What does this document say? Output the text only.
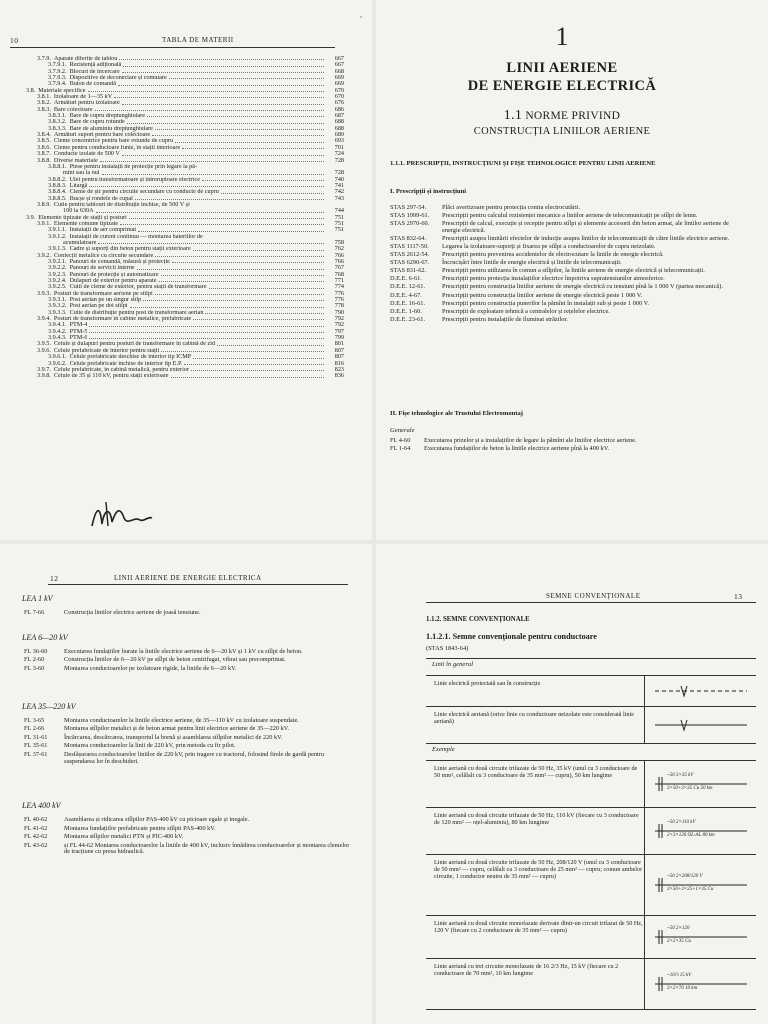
10	TABLA DE MATERII
3.7.9. Aparate diferite de tablou	667
3.7.9.1. Rezistență adițională	667
3.7.9.2. Blocuri de încercare	668
3.7.9.3. Dispozitive de deconectare și comutare	669
3.7.9.4. Buton de comandă	669
3.8. Materiale specifice	670
3.8.1. Izolatoare de 1—35 kV	670
3.8.2. Armături pentru izolatoare	676
3.8.3. Bare colectoare	686
3.8.3.1. Bare de cupru dreptunghiulare	687
3.8.3.2. Bare de cupru rotunde	688
3.8.3.3. Bare de aluminiu dreptunghiulare	688
3.8.4. Armături suport pentru bare colectoare	689
3.8.5. Cleme concentrice pentru bare rotunde de cupru	693
3.8.6. Cleme pentru conductoare funie, în stații interioare	701
3.8.7. Conducte izolate de 500 V	724
3.8.8. Diverse materiale	728
3.8.8.1. Piese pentru instalații de protecție prin legare la pă-
mînt sau la nul	728
3.8.8.2. Ulei pentru transformatoare și întreruptoare electrice	740
3.8.8.3. Litargă	741
3.8.8.4. Cleme de șir pentru circuite secundare cu conducte de cupru	742
3.8.8.5. Bucșe și rondele de cupal	743
3.8.9. Cutie pentru tablouri de distribuție închise, de 500 V și
100 la 630A	744
3.9. Elemente tipizate de stații și posturi	751
3.9.1. Elemente comune tipizate	751
3.9.1.1. Instalații de aer comprimat	751
3.9.1.2. Instalații de curent continuu — montarea bateriilor de
acumulatoare	758
3.9.1.3. Cadre și suporți din beton pentru stații exterioare	762
3.9.2. Confecții metalice cu circuite secundare	766
3.9.2.1. Panouri de comandă, măsură și protecție	766
3.9.2.2. Panouri de servicii interne	767
3.9.2.3. Panouri de protecție și automatizare	768
3.9.2.4. Dulapuri de exterior pentru aparate	771
3.9.2.5. Cutii de cleme de exterior, pentru stații de transformare	774
3.9.3. Posturi de transformare aeriene pe stîlpi	776
3.9.3.1. Post aerian pe un singur stîlp	776
3.9.3.2. Post aerian pe doi stîlpi	778
3.9.3.3. Cutie de distribuție pentru post de transformare aerian	790
3.9.4. Posturi de transformare în cabine metalice, prefabricate	792
3.9.4.1. PTM-4	792
3.9.4.2. PTM-5	797
3.9.4.3. PTM-6	799
3.9.5. Celule și dulapuri pentru posturi de transformare în cabină de zid	801
3.9.6. Celule prefabricate de interior pentru stații	807
3.9.6.1. Celule prefabricate deschise de interior tip ICMP	807
3.9.6.2. Celule prefabricate închise de interior tip E.P.	816
3.9.7. Celule prefabricate, în cabină metalică, pentru exterior	823
3.9.8. Celule de 35 și 110 kV, pentru stații exterioare	836
·
1
LINII AERIENE
DE ENERGIE ELECTRICĂ
1.1 NORME PRIVIND
CONSTRUCȚIA LINIILOR AERIENE
1.1.1. PRESCRIPȚII, INSTRUCȚIUNI ȘI FIȘE TEHNOLOGICE PENTRU LINII AERIENE
I. Prescripții și instrucțiuni
STAS 297-54.	Plăci avertizoare pentru protecția contra electrocutării.
STAS 1999-61.	Prescripții pentru calculul rezistenței mecanice a liniilor aeriene de telecomunicații pe stîlpi de lemn.
STAS 2970-60.	Prescripții de calcul, execuție și recepție pentru stîlpi și elemente accesorii din beton armat, ale liniilor aeriene de energie electrică.
STAS 832-64.	Prescripții asupra limitării efectelor de inducție asupra liniilor de telecomunicații de către liniile electrice aeriene.
STAS 1117-50.	Legarea la izolatoare-suporți și fixarea pe stîlpi a conductoarelor de cupru neizolate.
STAS 2612-54.	Prescripții pentru prevenirea accidentelor de electrocutare la liniile de energie electrică.
STAS 6290-67.	Încrucișări între liniile de energie electrică și liniile de telecomunicații.
STAS 831-62.	Prescripții pentru utilizarea în comun a stîlpilor, la liniile aeriene de energie electrică și telecomunicații.
D.E.E. 6-61.	Prescripții pentru protecția instalațiilor electrice împotriva supratensiunilor atmosferice.
D.E.E. 12-61.	Prescripții pentru construcția liniilor aeriene de energie electrică cu tensiuni pînă la 1 000 V (partea mecanică).
D.E.E. 4-67.	Prescripții pentru construcția liniilor aeriene de energie electrică peste 1 000 V.
D.E.E. 16-61.	Prescripții pentru construcția punerilor la pămînt în instalații sub și peste 1 000 V.
D.E.E. 1-60.	Prescripții de exploatare tehnică a centralelor și rețelelor electrice.
D.E.E. 23-61.	Prescripții pentru instalațiile de iluminat străzilor.
II. Fișe tehnologice ale Trustului Electromontaj
Generale
FL 4-60	Executarea prizelor și a instalațiilor de legare la pămînt ale liniilor electrice aeriene.
FL 1-64	Executarea fundațiilor de beton la liniile electrice aeriene pînă la 400 kV.
12	LINII AERIENE DE ENERGIE ELECTRICA
LEA 1 kV
FL 7-66	Construcția liniilor electrice aeriene de joasă tensiune.
LEA 6—20 kV
FL 36-60	Executarea fundațiilor burate la liniile electrice aeriene de 6—20 kV și 1 kV cu stîlpi de beton.
FL 2-60	Construcția liniilor de 6—20 kV pe stîlpi de beton centrifugat, vibrat sau precomprimat.
FL 3-60	Montarea conductoarelor pe izolatoare rigide, la liniile de 6—20 kV.
LEA 35—220 kV
FL 3-65	Montarea conductoarelor la liniile electrice aeriene, de 35—110 kV cu izolatoare suspendate.
FL 2-66	Montarea stîlpilor metalici și de beton armat pentru linii electrice aeriene de 35—220 kV.
FL 31-61	Încărcarea, descărcarea, transportul la bornă și asamblarea stîlpilor metalici de 220 kV.
FL 35-61	Montarea conductoarelor la linii de 220 kV, prin metoda cu fir pilot.
FL 37-61	Desfășurarea conductoarelor liniilor de 220 kV, prin tragere cu tractorul, folosind firele de gardă pentru suspendarea lor în deschideri.
LEA 400 kV
FL 40-62	Asamblarea și ridicarea stîlpilor PAS-400 kV cu picioare egale și inegale.
FL 41-62	Montarea fundațiilor prefabricate pentru stîlpii PAS-400 kV.
FL 42-62	Montarea stîlpilor metalici PTN și PIC-400 kV.
FL 43-62	și FL 44-62 Montarea conductoarelor la liniile de 400 kV, inclusiv înnădirea conductoarelor și montarea clemelor de tracțiune cu presa hidraulică.
SEMNE CONVENȚIONALE	13
1.1.2. SEMNE CONVENȚIONALE
1.1.2.1. Semne convenționale pentru conductoare
(STAS 1843-64)
Linii în general
Linie electrică proiectată sau în construcție
Linie electrică aeriană (orice linie cu conductoare neizolate este considerată linie aeriană)
Exemple
Linie aeriană cu două circuite trifazate de 50 Hz, 35 kV (unul cu 3 conductoare de 50 mm², celălalt cu 3 conductoare de 35 mm² — cupru), 50 km lungime	~50 3×35 kV
3×50+3×35 Cu 50 km
Linie aeriană cu două circuite trifazate de 50 Hz, 110 kV (fiecare cu 3 conductoare de 120 mm² — oțel-aluminiu), 80 km lungime	~50 2×110 kV
2×3×120 OL-AL 80 km
Linie aeriană cu două circuite trifazate de 50 Hz, 208/120 V (unul cu 3 conductoare de 50 mm² — cupru, celălalt cu 3 conductoare de 25 mm² — cupru; comun ambelor circuite, 1 conductor neutru de 35 mm² — cupru)	~50 2×208/120 V
3×50+3×25+1×35 Cu
Linie aeriană cu două circuite monofazate derivate dintr-un circuit trifazat de 50 Hz, 120 V (fiecare cu 2 conductoare de 35 mm² — cupru)	~50 2×120
2×2×35 Cu
Linie aeriană cu trei circuite monofazate de 16 2/3 Hz, 15 kV (fiecare cu 2 conductoare de 70 mm², 10 km lungime	~16⅔ 15 kV
3×2×70 10 km
